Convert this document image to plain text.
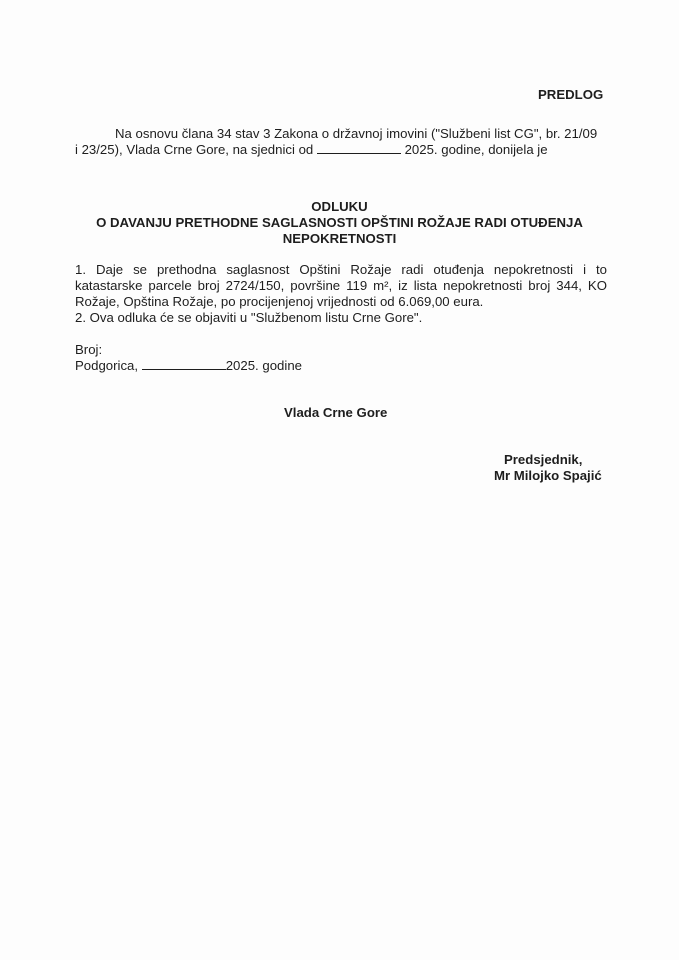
PREDLOG
Na osnovu člana 34 stav 3 Zakona o državnoj imovini ("Službeni list CG", br. 21/09
i 23/25), Vlada Crne Gore, na sjednici od	2025. godine, donijela je
ODLUKU
O DAVANJU PRETHODNE SAGLASNOSTI OPŠTINI ROŽAJE RADI OTUĐENJA
NEPOKRETNOSTI
1. Daje se prethodna saglasnost Opštini Rožaje radi otuđenja nepokretnosti i to
katastarske parcele broj 2724/150, površine 119 m², iz lista nepokretnosti broj 344, KO
Rožaje, Opština Rožaje, po procijenjenoj vrijednosti od 6.069,00 eura.
2. Ova odluka će se objaviti u "Službenom listu Crne Gore".
Broj:
Podgorica,	2025. godine
Vlada Crne Gore
Predsjednik,
Mr Milojko Spajić
